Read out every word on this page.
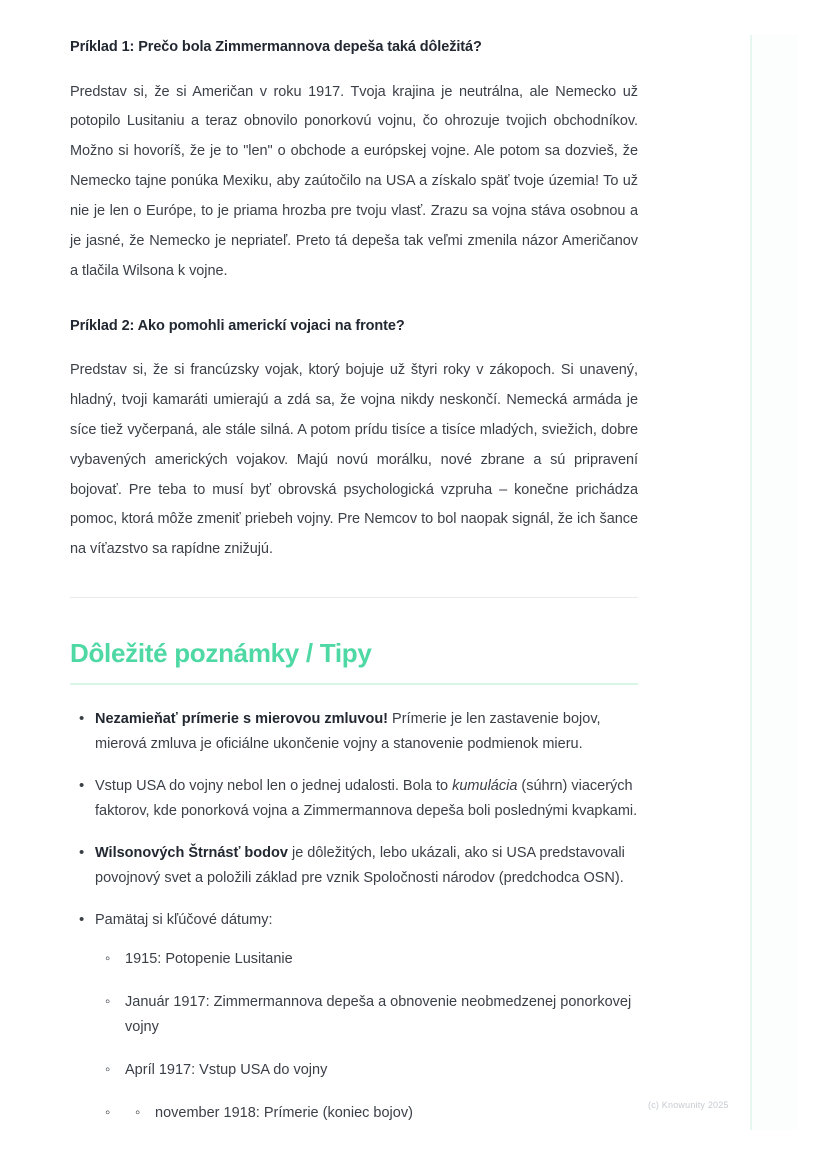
Príklad 1: Prečo bola Zimmermannova depeša taká dôležitá?

Predstav si, že si Američan v roku 1917. Tvoja krajina je neutrálna, ale Nemecko už potopilo Lusitaniu a teraz obnovilo ponorkovú vojnu, čo ohrozuje tvojich obchodníkov. Možno si hovoríš, že je to "len" o obchode a európskej vojne. Ale potom sa dozvieš, že Nemecko tajne ponúka Mexiku, aby zaútočilo na USA a získalo späť tvoje územia! To už nie je len o Európe, to je priama hrozba pre tvoju vlasť. Zrazu sa vojna stáva osobnou a je jasné, že Nemecko je nepriateľ. Preto tá depeša tak veľmi zmenila názor Američanov a tlačila Wilsona k vojne.

Príklad 2: Ako pomohli americkí vojaci na fronte?

Predstav si, že si francúzsky vojak, ktorý bojuje už štyri roky v zákopoch. Si unavený, hladný, tvoji kamaráti umierajú a zdá sa, že vojna nikdy neskončí. Nemecká armáda je síce tiež vyčerpaná, ale stále silná. A potom prídu tisíce a tisíce mladých, sviežich, dobre vybavených amerických vojakov. Majú novú morálku, nové zbrane a sú pripravení bojovať. Pre teba to musí byť obrovská psychologická vzpruha – konečne prichádza pomoc, ktorá môže zmeniť priebeh vojny. Pre Nemcov to bol naopak signál, že ich šance na víťazstvo sa rapídne znižujú.

Dôležité poznámky / Tipy
• Nezamieňať prímerie s mierovou zmluvou! Prímerie je len zastavenie bojov, mierová zmluva je oficiálne ukončenie vojny a stanovenie podmienok mieru.
• Vstup USA do vojny nebol len o jednej udalosti. Bola to kumulácia (súhrn) viacerých faktorov, kde ponorková vojna a Zimmermannova depeša boli poslednými kvapkami.
• Wilsonových Štrnásť bodov je dôležitých, lebo ukázali, ako si USA predstavovali povojnový svet a položili základ pre vznik Spoločnosti národov (predchodca OSN).
• Pamätaj si kľúčové dátumy:
◦ 1915: Potopenie Lusitanie
◦ Január 1917: Zimmermannova depeša a obnovenie neobmedzenej ponorkovej vojny
◦ Apríl 1917: Vstup USA do vojny
◦ november 1918: Prímerie (koniec bojov) ◦	(c) Knowunity 2025
